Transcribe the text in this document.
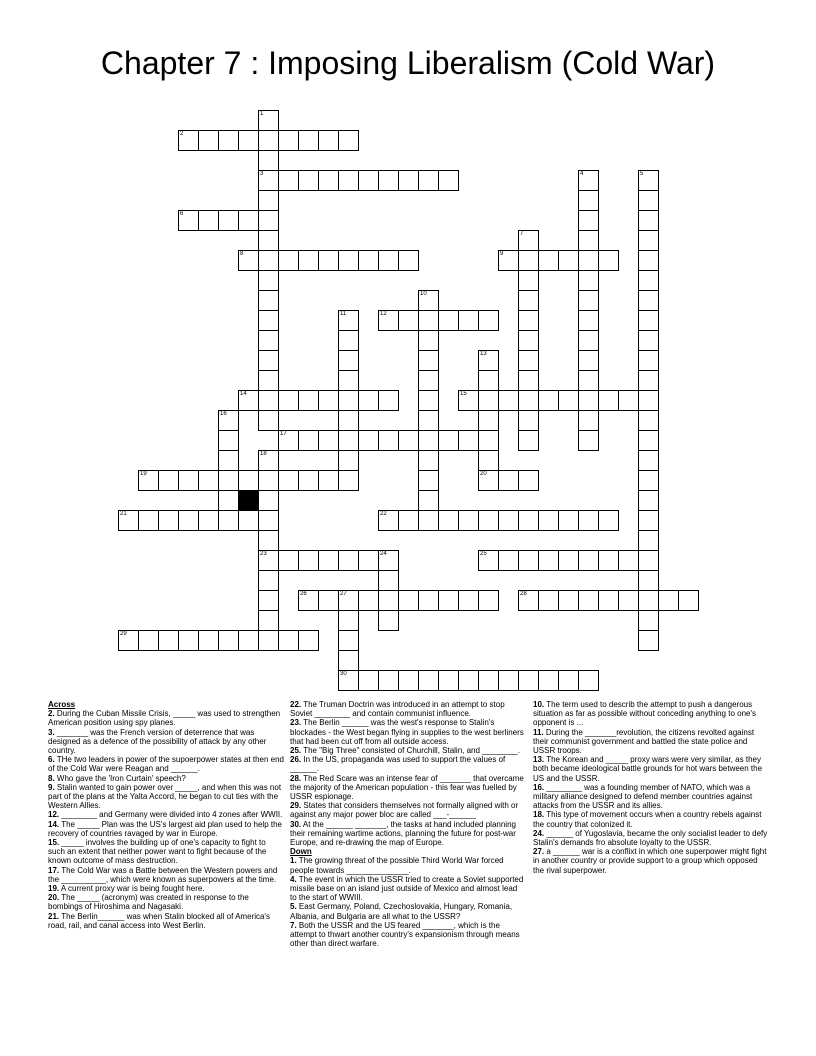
Chapter 7 : Imposing Liberalism (Cold War)
1
3
2
4	5
6
7
8	9
10
11	12
13
20
14	15
16
17
18
23
19
21	22
24	25
26	27
30
28
29
Across
2. During the Cuban Missile Crisis, _____ was used to strengthen American position using spy planes.
3. _______ was the French version of deterrence that was designed as a defence of the possibility of attack by any other country.
6. THe two leaders in power of the supoerpower states at then end of the Cold War were Reagan and ______.
8. Who gave the 'Iron Curtain' speech?
9. Stalin wanted to gain power over _____, and when this was not part of the plans at the Yalta Accord, he began to cut ties with the Western Allies.
12. ________ and Germany were divided into 4 zones after WWII.
14. The _____ Plan was the US's largest aid plan used to help the recovery of countries ravaged by war in Europe.
15. _____ involves the building up of one's capacity to fight to such an extent that neither power want to fight because of the known outcome of mass destruction.
17. The Cold War was a Battle between the Western powers and the __________, which were known as superpowers at the time.
19. A current proxy war is being fought here.
20. The _____ (acronym) was created in response to the bombings of Hiroshima and Nagasaki.
21. The Berlin______ was when Stalin blocked all of America's road, rail, and canal access into West Berlin.
22. The Truman Doctrin was introduced in an attempt to stop Soviet ________ and contain communist influence.
23. The Berlin ______ was the west's response to Stalin's blockades - the West began flying in supplies to the west berliners that had been cut off from all outside access.
25. The "Big Three" consisted of Churchill, Stalin, and ________.
26. In the US, propaganda was used to support the values of ______.
28. The Red Scare was an intense fear of _______ that overcame the majority of the American population - this fear was fuelled by USSR espionage.
29. States that considers themselves not formally aligned with or against any major power bloc are called ___-______
30. At the ______ _______, the tasks at hand included planning their remaining wartime actions, planning the future for post-war Europe, and re-drawing the map of Europe.
Down
1. The growing threat of the possible Third World War forced people towards ______________.
4. The event in which the USSR tried to create a Soviet supported missile base on an island just outside of Mexico and almost lead to the start of WWIII.
5. East Germany, Poland, Czechoslovakia, Hungary, Romania, Albania, and Bulgaria are all what to the USSR?
7. Both the USSR and the US feared _______, which is the attempt to thwart another country's expansionism through means other than direct warfare.
10. The term used to describ the attempt to push a dangerous situation as far as possible without conceding anything to one's opponent is ...
11. During the _______revolution, the citizens revolted against their communist government and battled the state police and USSR troops.
13. The Korean and _____ proxy wars were very similar, as they both became ideological battle grounds for hot wars between the US and the USSR.
16. ________ was a founding member of NATO, which was a military alliance designed to defend member countries against attacks from the USSR and its allies.
18. This type of movement occurs when a country rebels against the country that colonized it.
24. ______ of Yugoslavia, became the only socialist leader to defy Stalin's demands fro absolute loyalty to the USSR.
27. a ______ war is a conflixt in which one superpower might fight in another country or provide support to a group which opposed the rival superpower.
